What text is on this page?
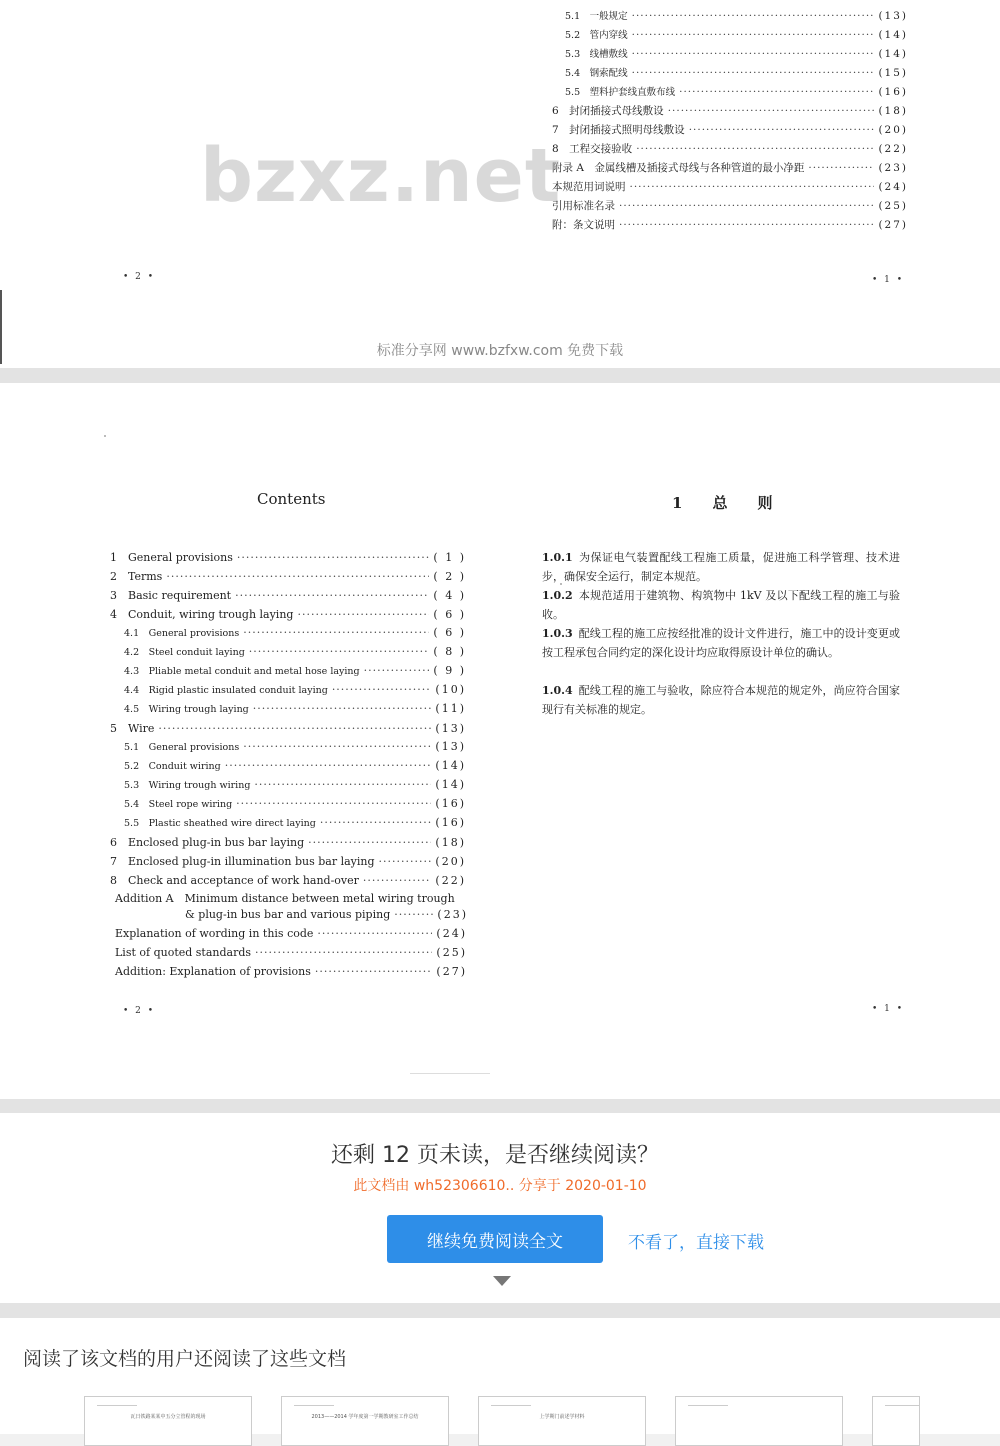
5.1　一般规定 ·····	(13)
5.2　管内穿线 ·····	(14)
5.3　线槽敷线 ·····	(14)
5.4　钢索配线 ·····	(15)
5.5　塑料护套线直敷布线 ·····	(16)
6　封闭插接式母线敷设 ·····	(18)
7　封闭插接式照明母线敷设 ·····	(20)
8　工程交接验收 ·····	(22)
附录 A　金属线槽及插接式母线与各种管道的最小净距 ·····	(23)
本规范用词说明 ·····	(24)
引用标准名录 ·····	(25)
附：条文说明 ·····	(27)
• 2 •	• 1 •
bzxz.net
标准分享网 www.bzfxw.com 免费下载
Contents
1　General provisions ·····	( 1 )
2　Terms ·····	( 2 )
3　Basic requirement ·····	( 4 )
4　Conduit, wiring trough laying ·····	( 6 )
4.1　General provisions ·····	( 6 )
4.2　Steel conduit laying ·····	( 8 )
4.3　Pliable metal conduit and metal hose laying ·····	( 9 )
4.4　Rigid plastic insulated conduit laying ·····	(10)
4.5　Wiring trough laying ·····	(11)
5　Wire ·····	(13)
5.1　General provisions ·····	(13)
5.2　Conduit wiring ·····	(14)
5.3　Wiring trough wiring ·····	(14)
5.4　Steel rope wiring ·····	(16)
5.5　Plastic sheathed wire direct laying ·····	(16)
6　Enclosed plug-in bus bar laying ·····	(18)
7　Enclosed plug-in illumination bus bar laying ·····	(20)
8　Check and acceptance of work hand-over ·····	(22)
Addition A　Minimum distance between metal wiring trough
& plug-in bus bar and various piping ·····	(23)
Explanation of wording in this code ·····	(24)
List of quoted standards ·····	(25)
Addition: Explanation of provisions ·····	(27)
1 总 则
1.0.1 为保证电气装置配线工程施工质量，促进施工科学管理、技术进步，确保安全运行，制定本规范。
1.0.2 本规范适用于建筑物、构筑物中 1kV 及以下配线工程的施工与验收。
1.0.3 配线工程的施工应按经批准的设计文件进行，施工中的设计变更或按工程承包合同约定的深化设计均应取得原设计单位的确认。
1.0.4 配线工程的施工与验收，除应符合本规范的规定外，尚应符合国家现行有关标准的规定。
• 2 •	• 1 •
还剩 12 页未读，是否继续阅读？
此文档由 wh52306610.. 分享于 2020-01-10
继续免费阅读全文	不看了，直接下载
阅读了该文档的用户还阅读了这些文档
瓦日铁路某某中五分立管程的现场	2013——2014 学年度第一学期教研室工作总结	上学期门前述学材料
